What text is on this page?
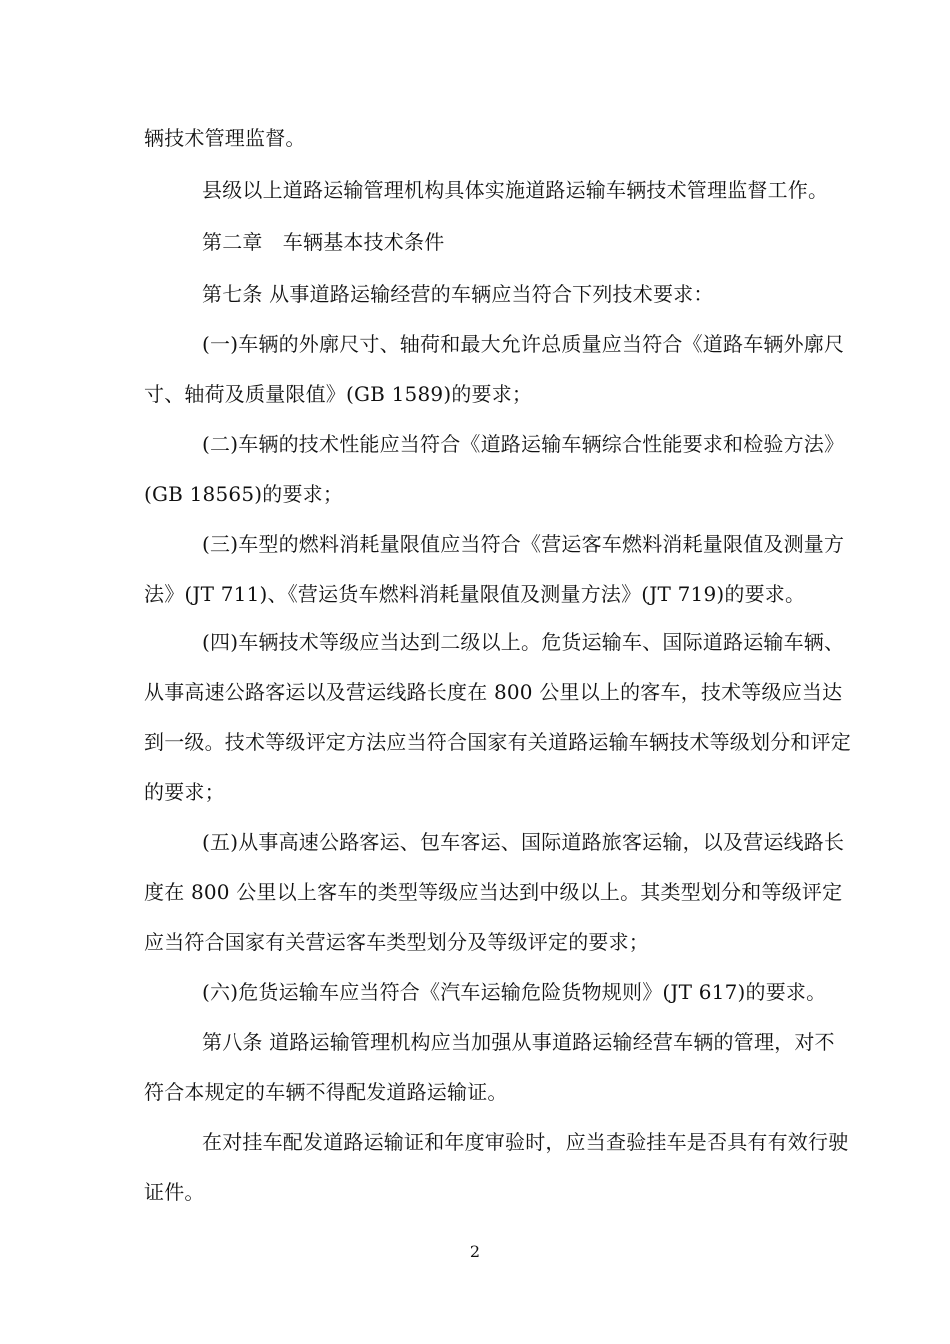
辆技术管理监督。
县级以上道路运输管理机构具体实施道路运输车辆技术管理监督工作。
第二章　车辆基本技术条件
第七条 从事道路运输经营的车辆应当符合下列技术要求：
(一)车辆的外廓尺寸、轴荷和最大允许总质量应当符合《道路车辆外廓尺
寸、轴荷及质量限值》(GB 1589)的要求；
(二)车辆的技术性能应当符合《道路运输车辆综合性能要求和检验方法》
(GB 18565)的要求；
(三)车型的燃料消耗量限值应当符合《营运客车燃料消耗量限值及测量方
法》(JT 711)、《营运货车燃料消耗量限值及测量方法》(JT 719)的要求。
(四)车辆技术等级应当达到二级以上。危货运输车、国际道路运输车辆、
从事高速公路客运以及营运线路长度在 800 公里以上的客车，技术等级应当达
到一级。技术等级评定方法应当符合国家有关道路运输车辆技术等级划分和评定
的要求；
(五)从事高速公路客运、包车客运、国际道路旅客运输，以及营运线路长
度在 800 公里以上客车的类型等级应当达到中级以上。其类型划分和等级评定
应当符合国家有关营运客车类型划分及等级评定的要求；
(六)危货运输车应当符合《汽车运输危险货物规则》(JT 617)的要求。
第八条 道路运输管理机构应当加强从事道路运输经营车辆的管理，对不
符合本规定的车辆不得配发道路运输证。
在对挂车配发道路运输证和年度审验时，应当查验挂车是否具有有效行驶
证件。
2
